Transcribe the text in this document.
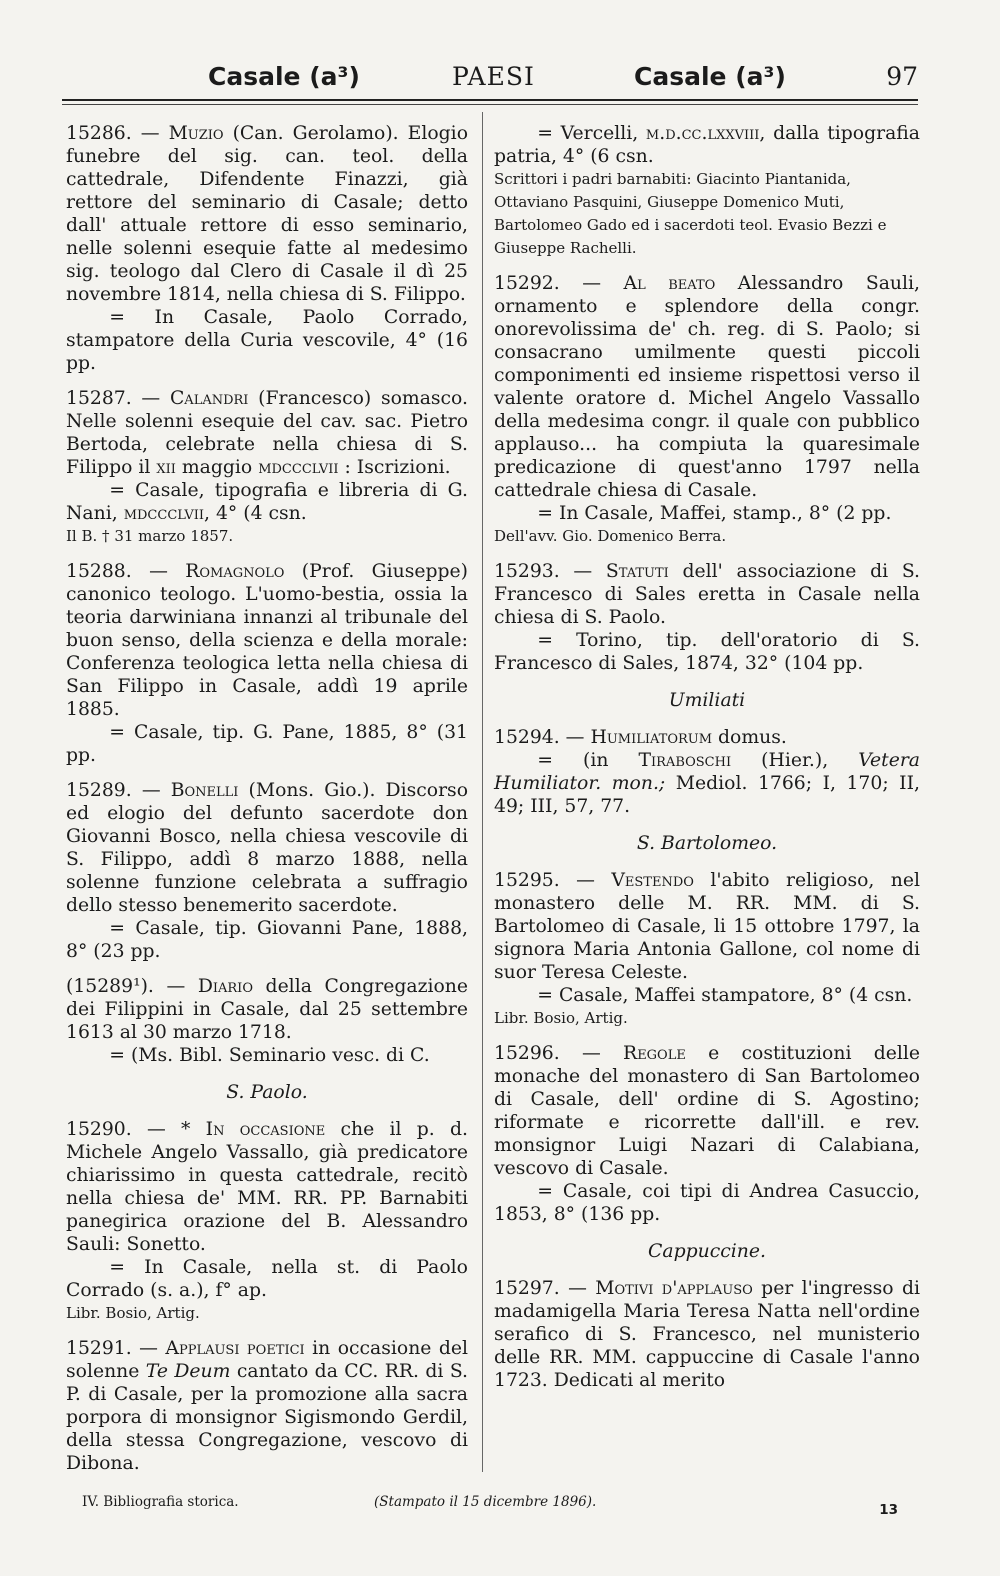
Casale (a³)	PAESI	Casale (a³)	97

15286. — Muzio (Can. Gerolamo). Elogio funebre del sig. can. teol. della cattedrale, Difendente Finazzi, già rettore del seminario di Casale; detto dall' attuale rettore di esso seminario, nelle solenni esequie fatte al medesimo sig. teologo dal Clero di Casale il dì 25 novembre 1814, nella chiesa di S. Filippo.

= In Casale, Paolo Corrado, stampatore della Curia vescovile, 4° (16 pp.

15287. — Calandri (Francesco) somasco. Nelle solenni esequie del cav. sac. Pietro Bertoda, celebrate nella chiesa di S. Filippo il xii maggio mdccclvii : Iscrizioni.

= Casale, tipografia e libreria di G. Nani, mdccclvii, 4° (4 csn.

Il B. † 31 marzo 1857.

15288. — Romagnolo (Prof. Giuseppe) canonico teologo. L'uomo-bestia, ossia la teoria darwiniana innanzi al tribunale del buon senso, della scienza e della morale: Conferenza teologica letta nella chiesa di San Filippo in Casale, addì 19 aprile 1885.

= Casale, tip. G. Pane, 1885, 8° (31 pp.

15289. — Bonelli (Mons. Gio.). Discorso ed elogio del defunto sacerdote don Giovanni Bosco, nella chiesa vescovile di S. Filippo, addì 8 marzo 1888, nella solenne funzione celebrata a suffragio dello stesso benemerito sacerdote.

= Casale, tip. Giovanni Pane, 1888, 8° (23 pp.

(15289¹). — Diario della Congregazione dei Filippini in Casale, dal 25 settembre 1613 al 30 marzo 1718.

= (Ms. Bibl. Seminario vesc. di C.

S. Paolo.

15290. — * In occasione che il p. d. Michele Angelo Vassallo, già predicatore chiarissimo in questa cattedrale, recitò nella chiesa de' MM. RR. PP. Barnabiti panegirica orazione del B. Alessandro Sauli: Sonetto.

= In Casale, nella st. di Paolo Corrado (s. a.), f° ap.

Libr. Bosio, Artig.

15291. — Applausi poetici in occasione del solenne Te Deum cantato da CC. RR. di S. P. di Casale, per la promozione alla sacra porpora di monsignor Sigismondo Gerdil, della stessa Congregazione, vescovo di Dibona.

= Vercelli, m.d.cc.lxxviii, dalla tipografia patria, 4° (6 csn.

Scrittori i padri barnabiti: Giacinto Piantanida, Ottaviano Pasquini, Giuseppe Domenico Muti, Bartolomeo Gado ed i sacerdoti teol. Evasio Bezzi e Giuseppe Rachelli.

15292. — Al beato Alessandro Sauli, ornamento e splendore della congr. onorevolissima de' ch. reg. di S. Paolo; si consacrano umilmente questi piccoli componimenti ed insieme rispettosi verso il valente oratore d. Michel Angelo Vassallo della medesima congr. il quale con pubblico applauso... ha compiuta la quaresimale predicazione di quest'anno 1797 nella cattedrale chiesa di Casale.

= In Casale, Maffei, stamp., 8° (2 pp.

Dell'avv. Gio. Domenico Berra.

15293. — Statuti dell' associazione di S. Francesco di Sales eretta in Casale nella chiesa di S. Paolo.

= Torino, tip. dell'oratorio di S. Francesco di Sales, 1874, 32° (104 pp.

Umiliati

15294. — Humiliatorum domus.

= (in Tiraboschi (Hier.), Vetera Humiliator. mon.; Mediol. 1766; I, 170; II, 49; III, 57, 77.

S. Bartolomeo.

15295. — Vestendo l'abito religioso, nel monastero delle M. RR. MM. di S. Bartolomeo di Casale, li 15 ottobre 1797, la signora Maria Antonia Gallone, col nome di suor Teresa Celeste.

= Casale, Maffei stampatore, 8° (4 csn.

Libr. Bosio, Artig.

15296. — Regole e costituzioni delle monache del monastero di San Bartolomeo di Casale, dell' ordine di S. Agostino; riformate e ricorrette dall'ill. e rev. monsignor Luigi Nazari di Calabiana, vescovo di Casale.

= Casale, coi tipi di Andrea Casuccio, 1853, 8° (136 pp.

Cappuccine.

15297. — Motivi d'applauso per l'ingresso di madamigella Maria Teresa Natta nell'ordine serafico di S. Francesco, nel munisterio delle RR. MM. cappuccine di Casale l'anno 1723. Dedicati al merito

IV. Bibliografia storica.	(Stampato il 15 dicembre 1896).	13
